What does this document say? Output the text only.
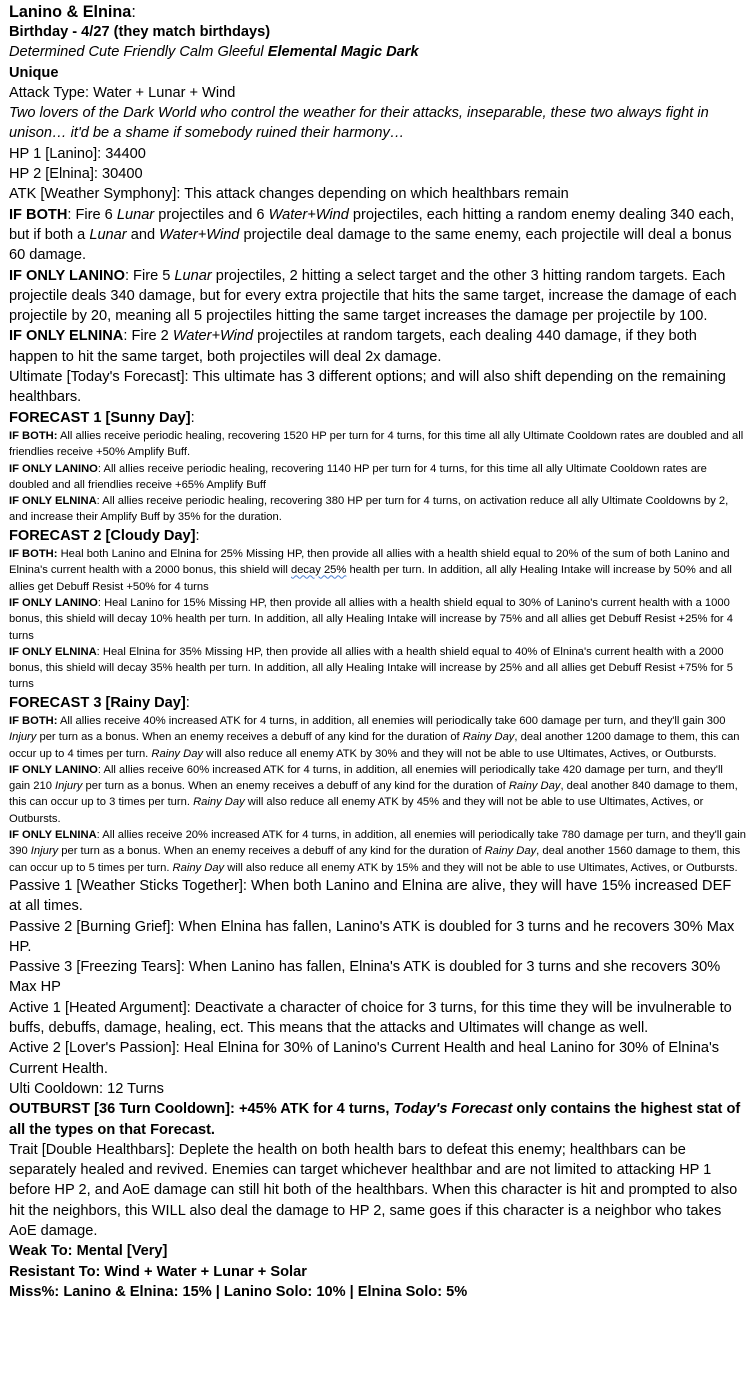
Lanino & Elnina:

Birthday - 4/27 (they match birthdays)

Determined Cute Friendly Calm Gleeful Elemental Magic Dark

Unique

Attack Type: Water + Lunar + Wind

Two lovers of the Dark World who control the weather for their attacks, inseparable, these two always fight in unison… it'd be a shame if somebody ruined their harmony…

HP 1 [Lanino]: 34400

HP 2 [Elnina]: 30400

ATK [Weather Symphony]: This attack changes depending on which healthbars remain

IF BOTH: Fire 6 Lunar projectiles and 6 Water+Wind projectiles, each hitting a random enemy dealing 340 each, but if both a Lunar and Water+Wind projectile deal damage to the same enemy, each projectile will deal a bonus 60 damage.

IF ONLY LANINO: Fire 5 Lunar projectiles, 2 hitting a select target and the other 3 hitting random targets. Each projectile deals 340 damage, but for every extra projectile that hits the same target, increase the damage of each projectile by 20, meaning all 5 projectiles hitting the same target increases the damage per projectile by 100.

IF ONLY ELNINA: Fire 2 Water+Wind projectiles at random targets, each dealing 440 damage, if they both happen to hit the same target, both projectiles will deal 2x damage.

Ultimate [Today's Forecast]: This ultimate has 3 different options; and will also shift depending on the remaining healthbars.

FORECAST 1 [Sunny Day]:

IF BOTH: All allies receive periodic healing, recovering 1520 HP per turn for 4 turns, for this time all ally Ultimate Cooldown rates are doubled and all friendlies receive +50% Amplify Buff.

IF ONLY LANINO: All allies receive periodic healing, recovering 1140 HP per turn for 4 turns, for this time all ally Ultimate Cooldown rates are doubled and all friendlies receive +65% Amplify Buff

IF ONLY ELNINA: All allies receive periodic healing, recovering 380 HP per turn for 4 turns, on activation reduce all ally Ultimate Cooldowns by 2, and increase their Amplify Buff by 35% for the duration.

FORECAST 2 [Cloudy Day]:

IF BOTH: Heal both Lanino and Elnina for 25% Missing HP, then provide all allies with a health shield equal to 20% of the sum of both Lanino and Elnina's current health with a 2000 bonus, this shield will decay 25% health per turn. In addition, all ally Healing Intake will increase by 50% and all allies get Debuff Resist +50% for 4 turns

IF ONLY LANINO: Heal Lanino for 15% Missing HP, then provide all allies with a health shield equal to 30% of Lanino's current health with a 1000 bonus, this shield will decay 10% health per turn. In addition, all ally Healing Intake will increase by 75% and all allies get Debuff Resist +25% for 4 turns

IF ONLY ELNINA: Heal Elnina for 35% Missing HP, then provide all allies with a health shield equal to 40% of Elnina's current health with a 2000 bonus, this shield will decay 35% health per turn. In addition, all ally Healing Intake will increase by 25% and all allies get Debuff Resist +75% for 5 turns

FORECAST 3 [Rainy Day]:

IF BOTH: All allies receive 40% increased ATK for 4 turns, in addition, all enemies will periodically take 600 damage per turn, and they'll gain 300 Injury per turn as a bonus. When an enemy receives a debuff of any kind for the duration of Rainy Day, deal another 1200 damage to them, this can occur up to 4 times per turn. Rainy Day will also reduce all enemy ATK by 30% and they will not be able to use Ultimates, Actives, or Outbursts.

IF ONLY LANINO: All allies receive 60% increased ATK for 4 turns, in addition, all enemies will periodically take 420 damage per turn, and they'll gain 210 Injury per turn as a bonus. When an enemy receives a debuff of any kind for the duration of Rainy Day, deal another 840 damage to them, this can occur up to 3 times per turn. Rainy Day will also reduce all enemy ATK by 45% and they will not be able to use Ultimates, Actives, or Outbursts.

IF ONLY ELNINA: All allies receive 20% increased ATK for 4 turns, in addition, all enemies will periodically take 780 damage per turn, and they'll gain 390 Injury per turn as a bonus. When an enemy receives a debuff of any kind for the duration of Rainy Day, deal another 1560 damage to them, this can occur up to 5 times per turn. Rainy Day will also reduce all enemy ATK by 15% and they will not be able to use Ultimates, Actives, or Outbursts.

Passive 1 [Weather Sticks Together]: When both Lanino and Elnina are alive, they will have 15% increased DEF at all times.

Passive 2 [Burning Grief]: When Elnina has fallen, Lanino's ATK is doubled for 3 turns and he recovers 30% Max HP.

Passive 3 [Freezing Tears]: When Lanino has fallen, Elnina's ATK is doubled for 3 turns and she recovers 30% Max HP

Active 1 [Heated Argument]: Deactivate a character of choice for 3 turns, for this time they will be invulnerable to buffs, debuffs, damage, healing, ect. This means that the attacks and Ultimates will change as well.

Active 2 [Lover's Passion]: Heal Elnina for 30% of Lanino's Current Health and heal Lanino for 30% of Elnina's Current Health.

Ulti Cooldown: 12 Turns

OUTBURST [36 Turn Cooldown]: +45% ATK for 4 turns, Today's Forecast only contains the highest stat of all the types on that Forecast.

Trait [Double Healthbars]: Deplete the health on both health bars to defeat this enemy; healthbars can be separately healed and revived. Enemies can target whichever healthbar and are not limited to attacking HP 1 before HP 2, and AoE damage can still hit both of the healthbars. When this character is hit and prompted to also hit the neighbors, this WILL also deal the damage to HP 2, same goes if this character is a neighbor who takes AoE damage.

Weak To: Mental [Very]

Resistant To: Wind + Water + Lunar + Solar

Miss%: Lanino & Elnina: 15% | Lanino Solo: 10% | Elnina Solo: 5%
